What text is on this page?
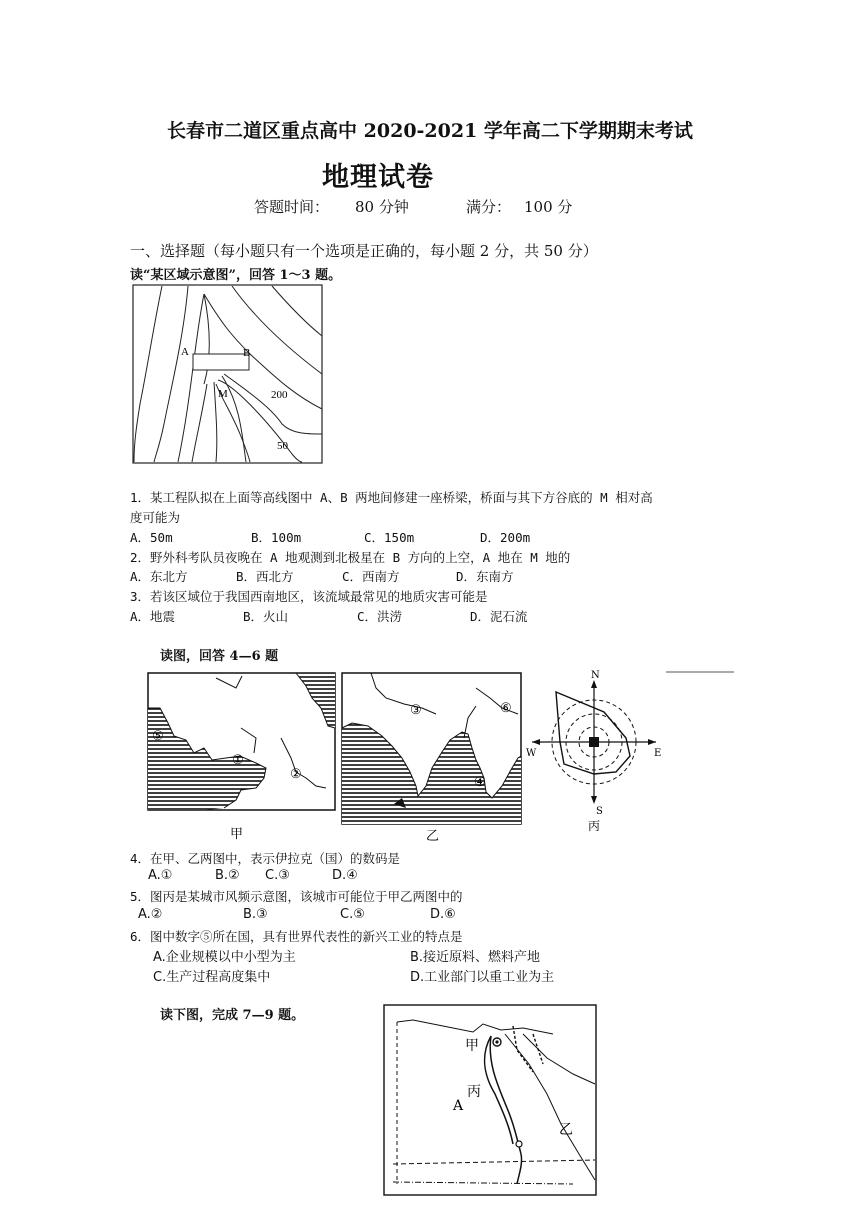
长春市二道区重点高中 2020-2021 学年高二下学期期末考试
地理试卷
答题时间： 80 分钟	满分： 100 分
一、选择题（每小题只有一个选项是正确的，每小题 2 分，共 50 分）
读“某区域示意图”，回答 1～3 题。
A	B
M	200
50
1．某工程队拟在上面等高线图中 A、B 两地间修建一座桥梁，桥面与其下方谷底的 M 相对高
度可能为
A．50m	B．100m	C．150m	D．200m
2．野外科考队员夜晚在 A 地观测到北极星在 B 方向的上空，A 地在 M 地的
A．东北方	B．西北方	C．西南方	D．东南方
3．若该区域位于我国西南地区，该流域最常见的地质灾害可能是
A．地震	B．火山	C．洪涝	D．泥石流
读图，回答 4—6 题
①
②
⑤
甲
③
④
⑥
乙
N
S
E
W
丙
4．在甲、乙两图中，表示伊拉克（国）的数码是
A.①	B.② C.③	D.④
5．图丙是某城市风频示意图，该城市可能位于甲乙两图中的
A.②	B.③	C.⑤	D.⑥
6．图中数字⑤所在国，具有世界代表性的新兴工业的特点是
A.企业规模以中小型为主	B.接近原料、燃料产地
C.生产过程高度集中	D.工业部门以重工业为主
读下图，完成 7—9 题。
甲
丙
A
乙
